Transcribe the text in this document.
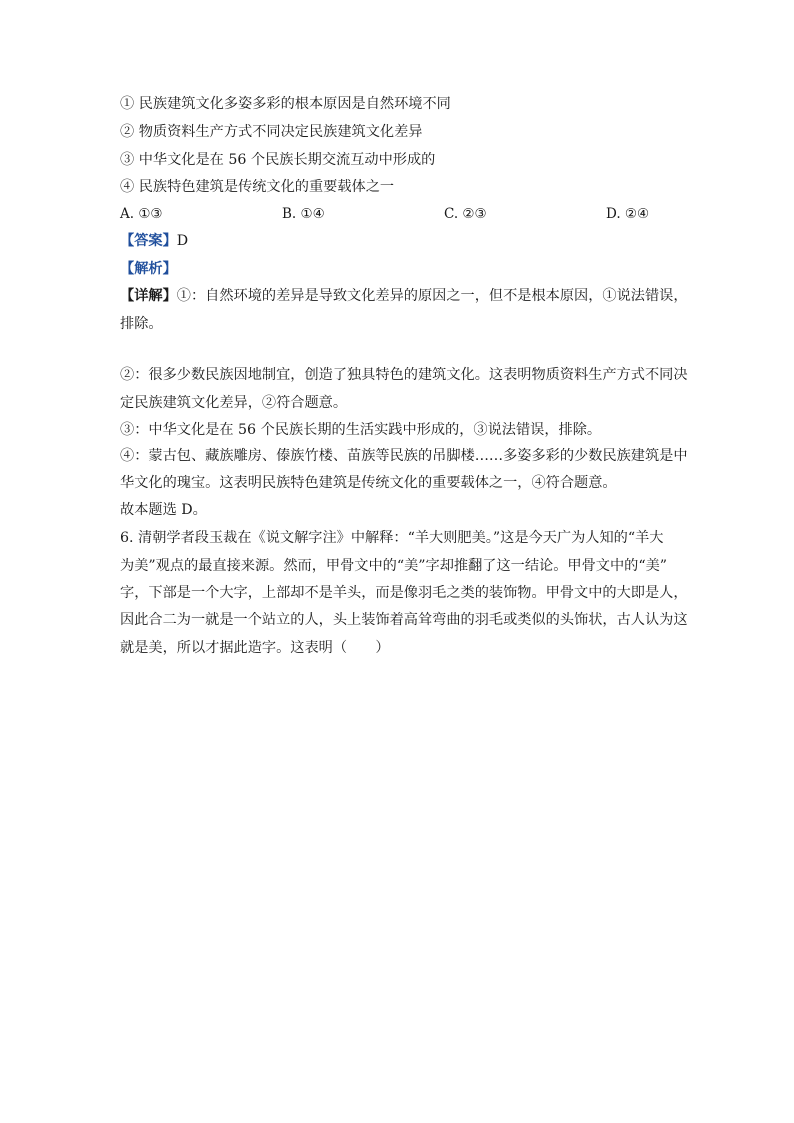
① 民族建筑文化多姿多彩的根本原因是自然环境不同
② 物质资料生产方式不同决定民族建筑文化差异
③ 中华文化是在 56 个民族长期交流互动中形成的
④ 民族特色建筑是传统文化的重要载体之一
A. ①③	B. ①④	C. ②③	D. ②④
【答案】D
【解析】
【详解】①：自然环境的差异是导致文化差异的原因之一，但不是根本原因，①说法错误，
排除。
②：很多少数民族因地制宜，创造了独具特色的建筑文化。这表明物质资料生产方式不同决
定民族建筑文化差异，②符合题意。
③：中华文化是在 56 个民族长期的生活实践中形成的，③说法错误，排除。
④：蒙古包、藏族雕房、傣族竹楼、苗族等民族的吊脚楼……多姿多彩的少数民族建筑是中
华文化的瑰宝。这表明民族特色建筑是传统文化的重要载体之一，④符合题意。
故本题选 D。
6. 清朝学者段玉裁在《说文解字注》中解释：“羊大则肥美。”这是今天广为人知的“羊大
为美”观点的最直接来源。然而，甲骨文中的“美”字却推翻了这一结论。甲骨文中的“美”
字，下部是一个大字，上部却不是羊头，而是像羽毛之类的装饰物。甲骨文中的大即是人，
因此合二为一就是一个站立的人，头上装饰着高耸弯曲的羽毛或类似的头饰状，古人认为这
就是美，所以才据此造字。这表明（　　）
